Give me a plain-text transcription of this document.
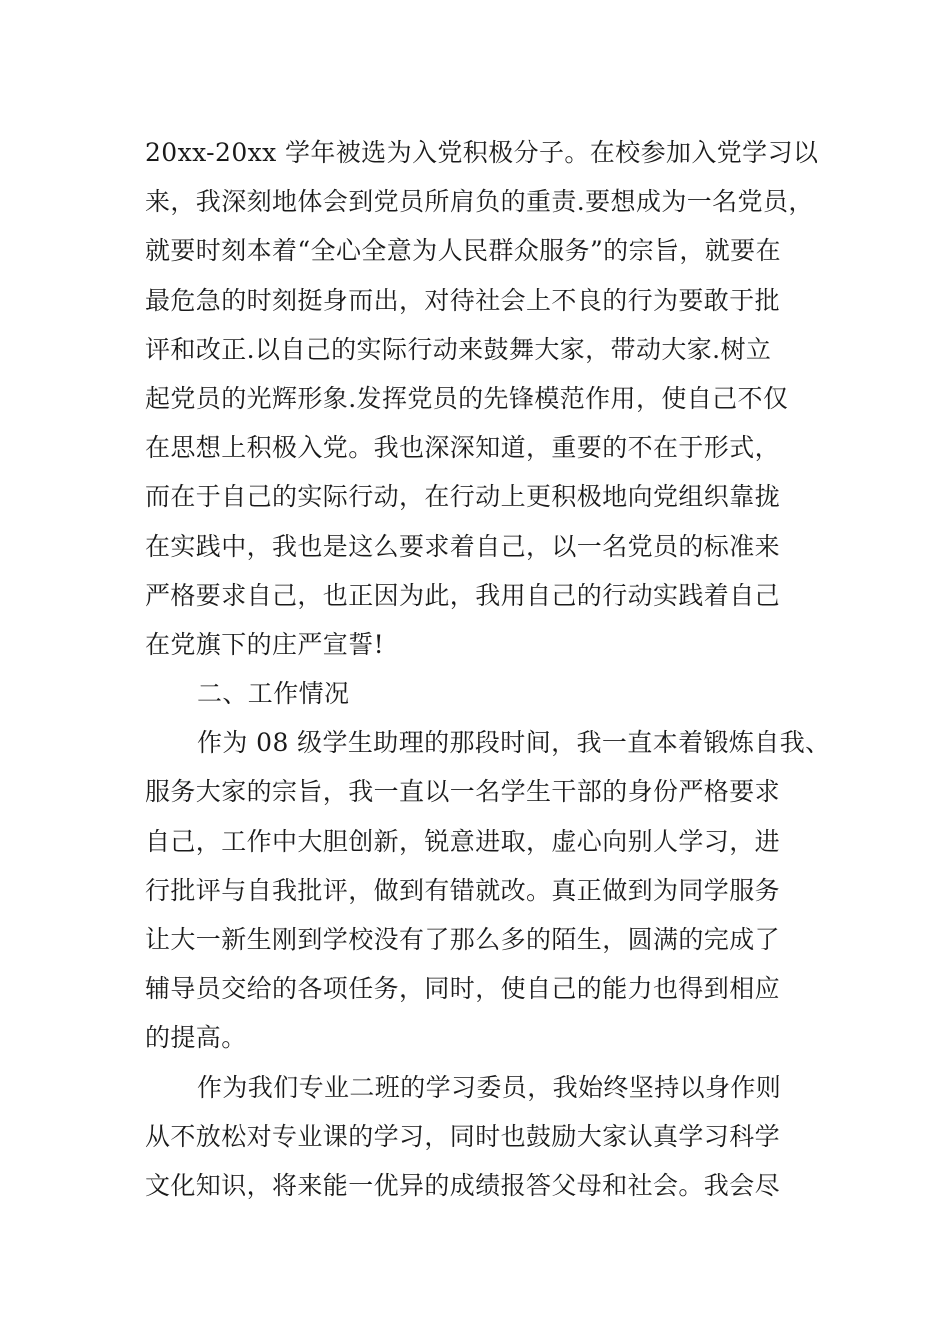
20xx-20xx 学年被选为入党积极分子。在校参加入党学习以
来，我深刻地体会到党员所肩负的重责.要想成为一名党员，
就要时刻本着“全心全意为人民群众服务”的宗旨，就要在
最危急的时刻挺身而出，对待社会上不良的行为要敢于批
评和改正.以自己的实际行动来鼓舞大家，带动大家.树立
起党员的光辉形象.发挥党员的先锋模范作用，使自己不仅
在思想上积极入党。我也深深知道，重要的不在于形式，
而在于自己的实际行动，在行动上更积极地向党组织靠拢
在实践中，我也是这么要求着自己，以一名党员的标准来
严格要求自己，也正因为此，我用自己的行动实践着自己
在党旗下的庄严宣誓!
二、工作情况
作为 08 级学生助理的那段时间，我一直本着锻炼自我、
服务大家的宗旨，我一直以一名学生干部的身份严格要求
自己，工作中大胆创新，锐意进取，虚心向别人学习，进
行批评与自我批评，做到有错就改。真正做到为同学服务
让大一新生刚到学校没有了那么多的陌生，圆满的完成了
辅导员交给的各项任务，同时，使自己的能力也得到相应
的提高。
作为我们专业二班的学习委员，我始终坚持以身作则
从不放松对专业课的学习，同时也鼓励大家认真学习科学
文化知识，将来能一优异的成绩报答父母和社会。我会尽
